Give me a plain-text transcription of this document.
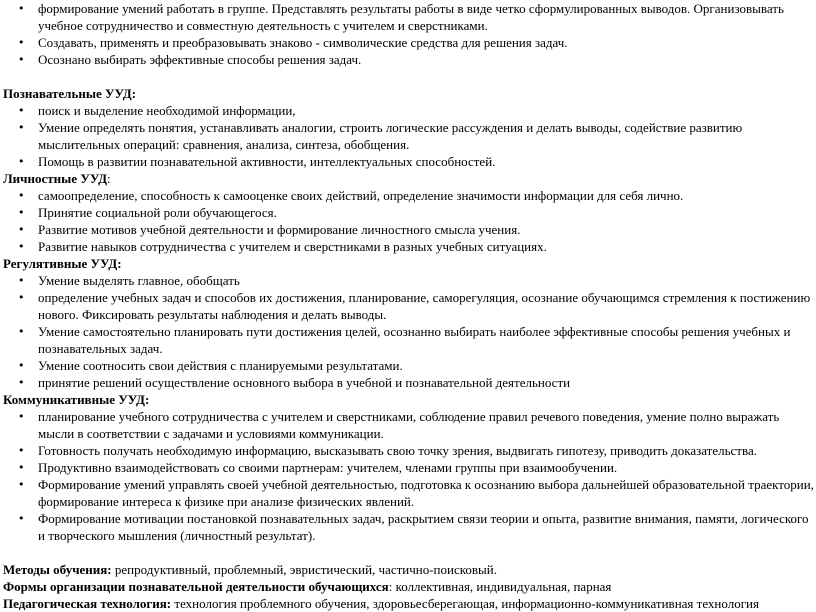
• формирование умений работать в группе. Представлять результаты работы в виде четко сформулированных выводов. Организовывать учебное сотрудничество и совместную деятельность с учителем и сверстниками.
• Создавать, применять и преобразовывать знаково - символические средства для решения задач.
• Осознано выбирать эффективные способы решения задач.
Познавательные УУД:
• поиск и выделение необходимой информации,
• Умение определять понятия, устанавливать аналогии, строить логические рассуждения и делать выводы, содействие развитию мыслительных операций: сравнения, анализа, синтеза, обобщения.
• Помощь в развитии познавательной активности, интеллектуальных способностей.
Личностные УУД:
• самоопределение, способность к самооценке своих действий, определение значимости информации для себя лично.
• Принятие социальной роли обучающегося.
• Развитие мотивов учебной деятельности и формирование личностного смысла учения.
• Развитие навыков сотрудничества с учителем и сверстниками в разных учебных ситуациях.
Регулятивные УУД:
• Умение выделять главное, обобщать
• определение учебных задач и способов их достижения, планирование, саморегуляция, осознание обучающимся стремления к постижению нового. Фиксировать результаты наблюдения и делать выводы.
• Умение самостоятельно планировать пути достижения целей, осознанно выбирать наиболее эффективные способы решения учебных и познавательных задач.
• Умение соотносить свои действия с планируемыми результатами.
• принятие решений осуществление основного выбора в учебной и познавательной деятельности
Коммуникативные УУД:
• планирование учебного сотрудничества с учителем и сверстниками, соблюдение правил речевого поведения, умение полно выражать мысли в соответствии с задачами и условиями коммуникации.
• Готовность получать необходимую информацию, высказывать свою точку зрения, выдвигать гипотезу, приводить доказательства.
• Продуктивно взаимодействовать со своими партнерам: учителем, членами группы при взаимообучении.
• Формирование умений управлять своей учебной деятельностью, подготовка к осознанию выбора дальнейшей образовательной траектории, формирование интереса к физике при анализе физических явлений.
• Формирование мотивации постановкой познавательных задач, раскрытием связи теории и опыта, развитие внимания, памяти, логического и творческого мышления (личностный результат).
Методы обучения: репродуктивный, проблемный, эвристический, частично-поисковый.
Формы организации познавательной деятельности обучающихся: коллективная, индивидуальная, парная
Педагогическая технология: технология проблемного обучения, здоровьесберегающая, информационно-коммуникативная технология
